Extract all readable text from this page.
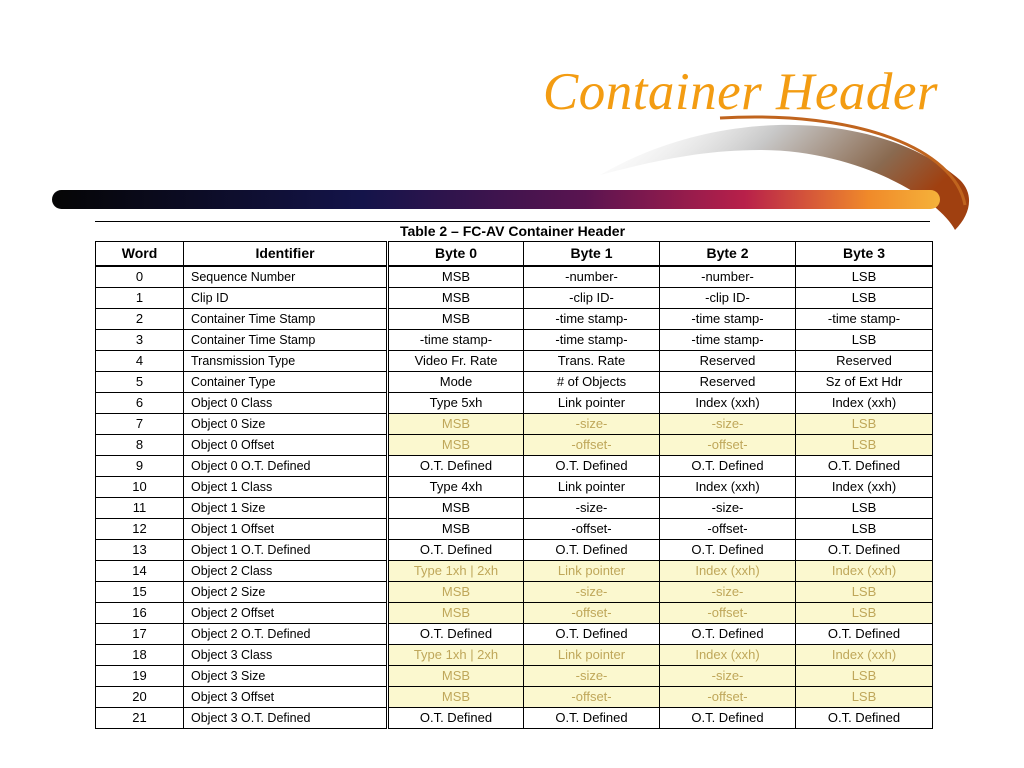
Container Header
Table 2 – FC-AV Container Header
Word	Identifier	Byte 0	Byte 1	Byte 2	Byte 3
0	Sequence Number	MSB	-number-	-number-	LSB
1	Clip ID	MSB	-clip ID-	-clip ID-	LSB
2	Container Time Stamp	MSB	-time stamp-	-time stamp-	-time stamp-
3	Container Time Stamp	-time stamp-	-time stamp-	-time stamp-	LSB
4	Transmission Type	Video Fr. Rate	Trans. Rate	Reserved	Reserved
5	Container Type	Mode	# of Objects	Reserved	Sz of Ext Hdr
6	Object 0 Class	Type 5xh	Link pointer	Index (xxh)	Index (xxh)
7	Object 0 Size	MSB	-size-	-size-	LSB
8	Object 0 Offset	MSB	-offset-	-offset-	LSB
9	Object 0 O.T. Defined	O.T. Defined	O.T. Defined	O.T. Defined	O.T. Defined
10	Object 1 Class	Type 4xh	Link pointer	Index (xxh)	Index (xxh)
11	Object 1 Size	MSB	-size-	-size-	LSB
12	Object 1 Offset	MSB	-offset-	-offset-	LSB
13	Object 1 O.T. Defined	O.T. Defined	O.T. Defined	O.T. Defined	O.T. Defined
14	Object 2 Class	Type 1xh | 2xh	Link pointer	Index (xxh)	Index (xxh)
15	Object 2 Size	MSB	-size-	-size-	LSB
16	Object 2 Offset	MSB	-offset-	-offset-	LSB
17	Object 2 O.T. Defined	O.T. Defined	O.T. Defined	O.T. Defined	O.T. Defined
18	Object 3 Class	Type 1xh | 2xh	Link pointer	Index (xxh)	Index (xxh)
19	Object 3 Size	MSB	-size-	-size-	LSB
20	Object 3 Offset	MSB	-offset-	-offset-	LSB
21	Object 3 O.T. Defined	O.T. Defined	O.T. Defined	O.T. Defined	O.T. Defined
